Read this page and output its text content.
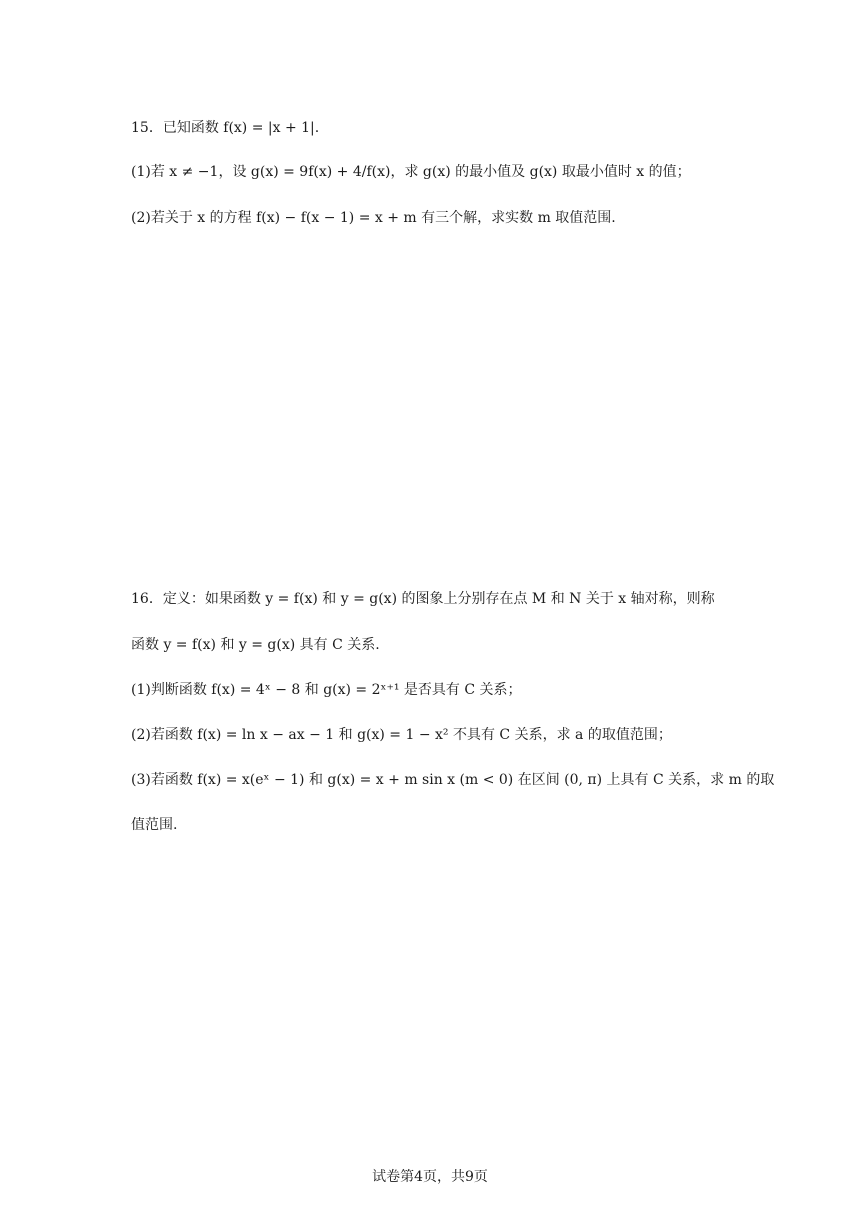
15．已知函数 f(x) = |x + 1|.
(1)若 x ≠ −1，设 g(x) = 9f(x) + 4/f(x)，求 g(x) 的最小值及 g(x) 取最小值时 x 的值；
(2)若关于 x 的方程 f(x) − f(x − 1) = x + m 有三个解，求实数 m 取值范围.
16．定义：如果函数 y = f(x) 和 y = g(x) 的图象上分别存在点 M 和 N 关于 x 轴对称，则称
函数 y = f(x) 和 y = g(x) 具有 C 关系.
(1)判断函数 f(x) = 4ˣ − 8 和 g(x) = 2ˣ⁺¹ 是否具有 C 关系；
(2)若函数 f(x) = ln x − ax − 1 和 g(x) = 1 − x² 不具有 C 关系，求 a 的取值范围；
(3)若函数 f(x) = x(eˣ − 1) 和 g(x) = x + m sin x (m < 0) 在区间 (0, π) 上具有 C 关系，求 m 的取
值范围.
试卷第4页，共9页
